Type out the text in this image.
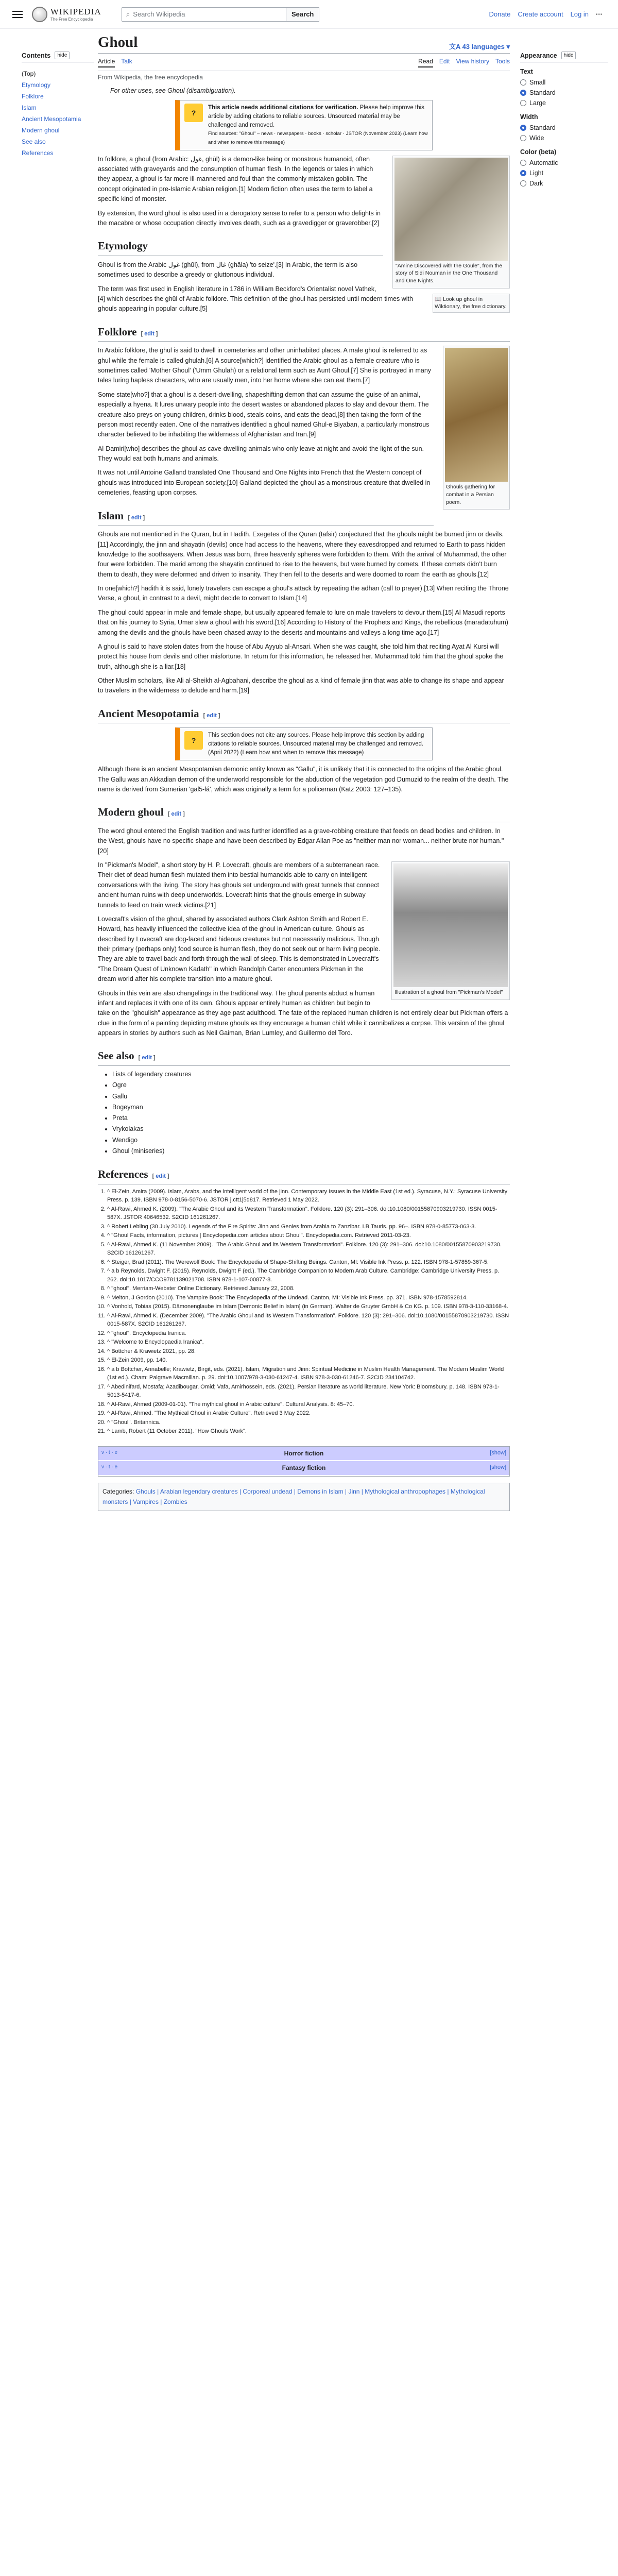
WIKIPEDIA
The Free Encyclopedia
⌕ Search Wikipedia	Search	Donate Create account Log in ···
Contents	hide
(Top)
Etymology
Folklore
Islam
Ancient Mesopotamia
Modern ghoul
See also
References
Ghoul	文A 43 languages ▾
Article Talk	Read Edit View history Tools
From Wikipedia, the free encyclopedia
For other uses, see Ghoul (disambiguation).
?
This article needs additional citations for verification. Please help improve this article by adding citations to reliable sources. Unsourced material may be challenged and removed.
Find sources: "Ghoul" – news · newspapers · books · scholar · JSTOR (November 2023) (Learn how and when to remove this message)
"Amine Discovered with the Goule", from the story of Sidi Nouman in the One Thousand and One Nights.

In folklore, a ghoul (from Arabic: غول, ghūl) is a demon-like being or monstrous humanoid, often associated with graveyards and the consumption of human flesh. In the legends or tales in which they appear, a ghoul is far more ill-mannered and foul than the commonly mistaken goblin. The concept originated in pre-Islamic Arabian religion.[1] Modern fiction often uses the term to label a specific kind of monster.

By extension, the word ghoul is also used in a derogatory sense to refer to a person who delights in the macabre or whose occupation directly involves death, such as a gravedigger or graverobber.[2]

Etymology
📖 Look up ghoul in Wiktionary, the free dictionary.

Ghoul is from the Arabic غول (ghūl), from غال (ghāla) 'to seize'.[3] In Arabic, the term is also sometimes used to describe a greedy or gluttonous individual.

The term was first used in English literature in 1786 in William Beckford's Orientalist novel Vathek,[4] which describes the ghūl of Arabic folklore. This definition of the ghoul has persisted until modern times with ghouls appearing in popular culture.[5]

Folklore [ edit ]
Ghouls gathering for combat in a Persian poem.

In Arabic folklore, the ghul is said to dwell in cemeteries and other uninhabited places. A male ghoul is referred to as ghul while the female is called ghulah.[6] A source[which?] identified the Arabic ghoul as a female creature who is sometimes called 'Mother Ghoul' ('Umm Ghulah) or a relational term such as Aunt Ghoul.[7] She is portrayed in many tales luring hapless characters, who are usually men, into her home where she can eat them.[7]

Some state[who?] that a ghoul is a desert-dwelling, shapeshifting demon that can assume the guise of an animal, especially a hyena. It lures unwary people into the desert wastes or abandoned places to slay and devour them. The creature also preys on young children, drinks blood, steals coins, and eats the dead,[8] then taking the form of the person most recently eaten. One of the narratives identified a ghoul named Ghul-e Biyaban, a particularly monstrous character believed to be inhabiting the wilderness of Afghanistan and Iran.[9]

Al-Damiri[who] describes the ghoul as cave-dwelling animals who only leave at night and avoid the light of the sun. They would eat both humans and animals.

It was not until Antoine Galland translated One Thousand and One Nights into French that the Western concept of ghouls was introduced into European society.[10] Galland depicted the ghoul as a monstrous creature that dwelled in cemeteries, feasting upon corpses.

Islam [ edit ]

Ghouls are not mentioned in the Quran, but in Hadith. Exegetes of the Quran (tafsir) conjectured that the ghouls might be burned jinn or devils.[11] Accordingly, the jinn and shayatin (devils) once had access to the heavens, where they eavesdropped and returned to Earth to pass hidden knowledge to the soothsayers. When Jesus was born, three heavenly spheres were forbidden to them. With the arrival of Muhammad, the other four were forbidden. The marid among the shayatin continued to rise to the heavens, but were burned by comets. If these comets didn't burn them to death, they were deformed and driven to insanity. They then fell to the deserts and were doomed to roam the earth as ghouls.[12]

In one[which?] hadith it is said, lonely travelers can escape a ghoul's attack by repeating the adhan (call to prayer).[13] When reciting the Throne Verse, a ghoul, in contrast to a devil, might decide to convert to Islam.[14]

The ghoul could appear in male and female shape, but usually appeared female to lure on male travelers to devour them.[15] Al Masudi reports that on his journey to Syria, Umar slew a ghoul with his sword.[16] According to History of the Prophets and Kings, the rebellious (maradatuhum) among the devils and the ghouls have been chased away to the deserts and mountains and valleys a long time ago.[17]

A ghoul is said to have stolen dates from the house of Abu Ayyub al-Ansari. When she was caught, she told him that reciting Ayat Al Kursi will protect his house from devils and other misfortune. In return for this information, he released her. Muhammad told him that the ghoul spoke the truth, although she is a liar.[18]

Other Muslim scholars, like Ali al-Sheikh al-Agbahani, describe the ghoul as a kind of female jinn that was able to change its shape and appear to travelers in the wilderness to delude and harm.[19]

Ancient Mesopotamia [ edit ]
?
This section does not cite any sources. Please help improve this section by adding citations to reliable sources. Unsourced material may be challenged and removed. (April 2022) (Learn how and when to remove this message)

Although there is an ancient Mesopotamian demonic entity known as "Gallu", it is unlikely that it is connected to the origins of the Arabic ghoul. The Gallu was an Akkadian demon of the underworld responsible for the abduction of the vegetation god Dumuzid to the realm of the death. The name is derived from Sumerian 'gal5-lá', which was originally a term for a policeman (Katz 2003: 127–135).

Modern ghoul [ edit ]

The word ghoul entered the English tradition and was further identified as a grave-robbing creature that feeds on dead bodies and children. In the West, ghouls have no specific shape and have been described by Edgar Allan Poe as "neither man nor woman... neither brute nor human."[20]

Illustration of a ghoul from "Pickman's Model"

In "Pickman's Model", a short story by H. P. Lovecraft, ghouls are members of a subterranean race. Their diet of dead human flesh mutated them into bestial humanoids able to carry on intelligent conversations with the living. The story has ghouls set underground with great tunnels that connect ancient human ruins with deep underworlds. Lovecraft hints that the ghouls emerge in subway tunnels to feed on train wreck victims.[21]

Lovecraft's vision of the ghoul, shared by associated authors Clark Ashton Smith and Robert E. Howard, has heavily influenced the collective idea of the ghoul in American culture. Ghouls as described by Lovecraft are dog-faced and hideous creatures but not necessarily malicious. Though their primary (perhaps only) food source is human flesh, they do not seek out or harm living people. They are able to travel back and forth through the wall of sleep. This is demonstrated in Lovecraft's "The Dream Quest of Unknown Kadath" in which Randolph Carter encounters Pickman in the dream world after his complete transition into a mature ghoul.

Ghouls in this vein are also changelings in the traditional way. The ghoul parents abduct a human infant and replaces it with one of its own. Ghouls appear entirely human as children but begin to take on the "ghoulish" appearance as they age past adulthood. The fate of the replaced human children is not entirely clear but Pickman offers a clue in the form of a painting depicting mature ghouls as they encourage a human child while it cannibalizes a corpse. This version of the ghoul appears in stories by authors such as Neil Gaiman, Brian Lumley, and Guillermo del Toro.

See also [ edit ]
• Lists of legendary creatures
• Ogre
• Gallu
• Bogeyman
• Preta
• Vrykolakas
• Wendigo
• Ghoul (miniseries)
References [ edit ]
1. ^ El-Zein, Amira (2009). Islam, Arabs, and the intelligent world of the jinn. Contemporary Issues in the Middle East (1st ed.). Syracuse, N.Y.: Syracuse University Press. p. 139. ISBN 978-0-8156-5070-6. JSTOR j.ctt1j5d817. Retrieved 1 May 2022.
2. ^ Al-Rawi, Ahmed K. (2009). "The Arabic Ghoul and its Western Transformation". Folklore. 120 (3): 291–306. doi:10.1080/00155870903219730. ISSN 0015-587X. JSTOR 40646532. S2CID 161261267.
3. ^ Robert Lebling (30 July 2010). Legends of the Fire Spirits: Jinn and Genies from Arabia to Zanzibar. I.B.Tauris. pp. 96–. ISBN 978-0-85773-063-3.
4. ^ "Ghoul Facts, information, pictures | Encyclopedia.com articles about Ghoul". Encyclopedia.com. Retrieved 2011-03-23.
5. ^ Al-Rawi, Ahmed K. (11 November 2009). "The Arabic Ghoul and its Western Transformation". Folklore. 120 (3): 291–306. doi:10.1080/00155870903219730. S2CID 161261267.
6. ^ Steiger, Brad (2011). The Werewolf Book: The Encyclopedia of Shape-Shifting Beings. Canton, MI: Visible Ink Press. p. 122. ISBN 978-1-57859-367-5.
7. ^ a b Reynolds, Dwight F. (2015). Reynolds, Dwight F (ed.). The Cambridge Companion to Modern Arab Culture. Cambridge: Cambridge University Press. p. 262. doi:10.1017/CCO9781139021708. ISBN 978-1-107-00877-8.
8. ^ "ghoul". Merriam-Webster Online Dictionary. Retrieved January 22, 2008.
9. ^ Melton, J Gordon (2010). The Vampire Book: The Encyclopedia of the Undead. Canton, MI: Visible Ink Press. pp. 371. ISBN 978-1578592814.
10. ^ Vonhold, Tobias (2015). Dämonenglaube im Islam [Demonic Belief in Islam] (in German). Walter de Gruyter GmbH & Co KG. p. 109. ISBN 978-3-110-33168-4.
11. ^ Al-Rawi, Ahmed K. (December 2009). "The Arabic Ghoul and its Western Transformation". Folklore. 120 (3): 291–306. doi:10.1080/00155870903219730. ISSN 0015-587X. S2CID 161261267.
12. ^ "ghoul". Encyclopedia Iranica.
13. ^ "Welcome to Encyclopaedia Iranica".
14. ^ Bottcher & Krawietz 2021, pp. 28.
15. ^ El-Zein 2009, pp. 140.
16. ^ a b Bottcher, Annabelle; Krawietz, Birgit, eds. (2021). Islam, Migration and Jinn: Spiritual Medicine in Muslim Health Management. The Modern Muslim World (1st ed.). Cham: Palgrave Macmillan. p. 29. doi:10.1007/978-3-030-61247-4. ISBN 978-3-030-61246-7. S2CID 234104742.
17. ^ Abedinifard, Mostafa; Azadibougar, Omid; Vafa, Amirhossein, eds. (2021). Persian literature as world literature. New York: Bloomsbury. p. 148. ISBN 978-1-5013-5417-6.
18. ^ Al-Rawi, Ahmed (2009-01-01). "The mythical ghoul in Arabic culture". Cultural Analysis. 8: 45–70.
19. ^ Al-Rawi, Ahmed. "The Mythical Ghoul in Arabic Culture". Retrieved 3 May 2022.
20. ^ "Ghoul". Britannica.
21. ^ Lamb, Robert (11 October 2011). "How Ghouls Work".
v · t · e	Horror fiction	[show]
v · t · e	Fantasy fiction	[show]
Categories: Ghouls | Arabian legendary creatures | Corporeal undead | Demons in Islam | Jinn | Mythological anthropophages | Mythological monsters | Vampires | Zombies
Appearance	hide
Text
Small
Standard
Large
Width
Standard
Wide
Color (beta)
Automatic
Light
Dark
